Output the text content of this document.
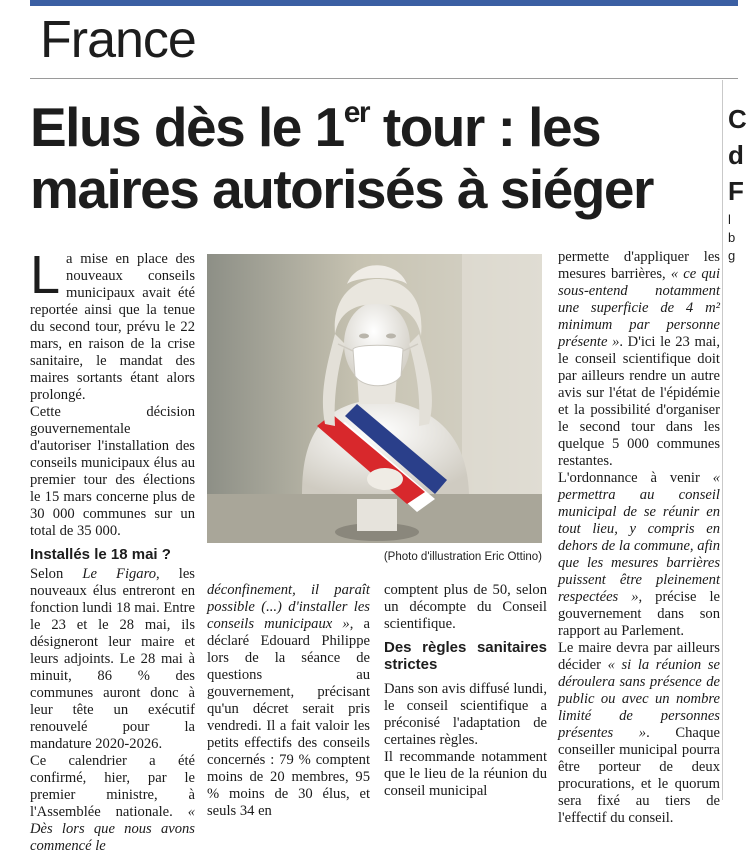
France
Elus dès le 1er tour : les
maires autorisés à siéger

La mise en place des nouveaux conseils municipaux avait été reportée ainsi que la tenue du second tour, prévu le 22 mars, en raison de la crise sanitaire, le mandat des maires sortants étant alors prolongé.

Cette décision gouvernementale d'autoriser l'installation des conseils municipaux élus au premier tour des élections le 15 mars concerne plus de 30 000 communes sur un total de 35 000.

Installés le 18 mai ?

Selon Le Figaro, les nouveaux élus entreront en fonction lundi 18 mai. Entre le 23 et le 28 mai, ils désigneront leur maire et leurs adjoints. Le 28 mai à minuit, 86 % des communes auront donc à leur tête un exécutif renouvelé pour la mandature 2020-2026.

Ce calendrier a été confirmé, hier, par le premier ministre, à l'Assemblée nationale. « Dès lors que nous avons commencé le

(Photo d'illustration Eric Ottino)

déconfinement, il paraît possible (...) d'installer les conseils municipaux », a déclaré Edouard Philippe lors de la séance de questions au gouvernement, précisant qu'un décret serait pris vendredi. Il a fait valoir les petits effectifs des conseils concernés : 79 % comptent moins de 20 membres, 95 % moins de 30 élus, et seuls 34 en

comptent plus de 50, selon un décompte du Conseil scientifique.

Des règles sanitaires strictes

Dans son avis diffusé lundi, le conseil scientifique a préconisé l'adaptation de certaines règles.

Il recommande notamment que le lieu de la réunion du conseil municipal

permette d'appliquer les mesures barrières, « ce qui sous-entend notamment une superficie de 4 m² minimum par personne présente ». D'ici le 23 mai, le conseil scientifique doit par ailleurs rendre un autre avis sur l'état de l'épidémie et la possibilité d'organiser le second tour dans les quelque 5 000 communes restantes.

L'ordonnance à venir « permettra au conseil municipal de se réunir en tout lieu, y compris en dehors de la commune, afin que les mesures barrières puissent être pleinement respectées », précise le gouvernement dans son rapport au Parlement.

Le maire devra par ailleurs décider « si la réunion se déroulera sans présence de public ou avec un nombre limité de personnes présentes ». Chaque conseiller municipal pourra être porteur de deux procurations, et le quorum sera fixé au tiers de l'effectif du conseil.

C
d
F
l
b
g
